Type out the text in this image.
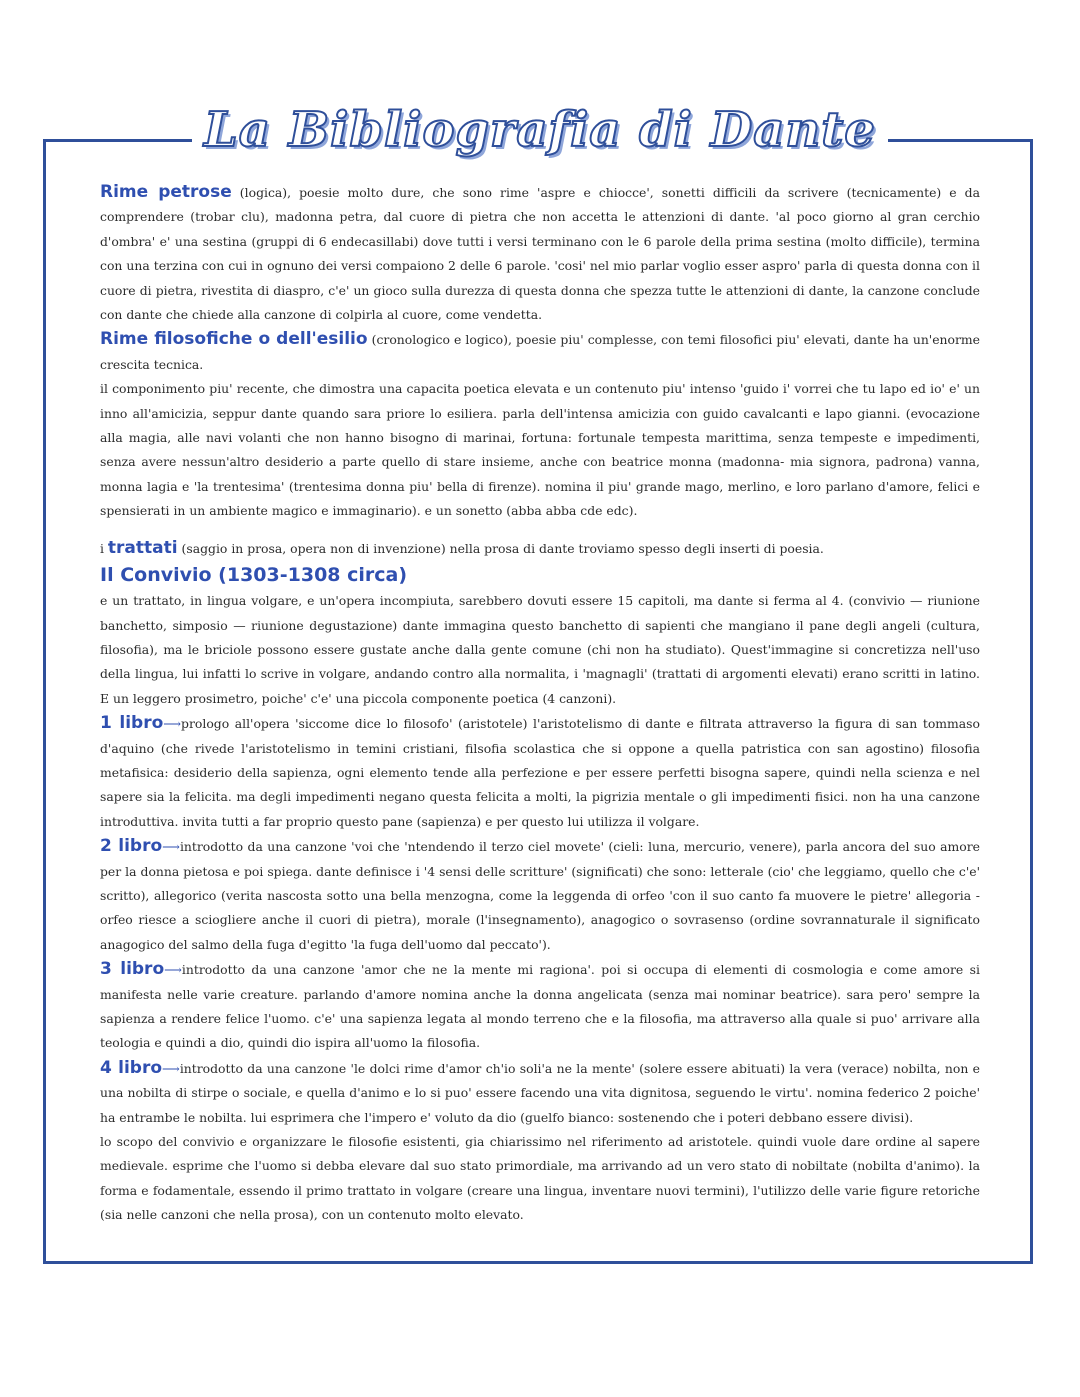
La Bibliografia di Dante

Rime petrose (logica), poesie molto dure, che sono rime 'aspre e chiocce', sonetti difficili da scrivere (tecnicamente) e da comprendere (trobar clu), madonna petra, dal cuore di pietra che non accetta le attenzioni di dante. 'al poco giorno al gran cerchio d'ombra' e' una sestina (gruppi di 6 endecasillabi) dove tutti i versi terminano con le 6 parole della prima sestina (molto difficile), termina con una terzina con cui in ognuno dei versi compaiono 2 delle 6 parole. 'cosi' nel mio parlar voglio esser aspro' parla di questa donna con il cuore di pietra, rivestita di diaspro, c'e' un gioco sulla durezza di questa donna che spezza tutte le attenzioni di dante, la canzone conclude con dante che chiede alla canzone di colpirla al cuore, come vendetta.

Rime filosofiche o dell'esilio (cronologico e logico), poesie piu' complesse, con temi filosofici piu' elevati, dante ha un'enorme crescita tecnica.

il componimento piu' recente, che dimostra una capacita poetica elevata e un contenuto piu' intenso 'guido i' vorrei che tu lapo ed io' e' un inno all'amicizia, seppur dante quando sara priore lo esiliera. parla dell'intensa amicizia con guido cavalcanti e lapo gianni. (evocazione alla magia, alle navi volanti che non hanno bisogno di marinai, fortuna: fortunale tempesta marittima, senza tempeste e impedimenti, senza avere nessun'altro desiderio a parte quello di stare insieme, anche con beatrice monna (madonna- mia signora, padrona) vanna, monna lagia e 'la trentesima' (trentesima donna piu' bella di firenze). nomina il piu' grande mago, merlino, e loro parlano d'amore, felici e spensierati in un ambiente magico e immaginario). e un sonetto (abba abba cde edc).

i trattati (saggio in prosa, opera non di invenzione) nella prosa di dante troviamo spesso degli inserti di poesia.

Il Convivio (1303-1308 circa)

e un trattato, in lingua volgare, e un'opera incompiuta, sarebbero dovuti essere 15 capitoli, ma dante si ferma al 4. (convivio — riunione banchetto, simposio — riunione degustazione) dante immagina questo banchetto di sapienti che mangiano il pane degli angeli (cultura, filosofia), ma le briciole possono essere gustate anche dalla gente comune (chi non ha studiato). Quest'immagine si concretizza nell'uso della lingua, lui infatti lo scrive in volgare, andando contro alla normalita, i 'magnagli' (trattati di argomenti elevati) erano scritti in latino. E un leggero prosimetro, poiche' c'e' una piccola componente poetica (4 canzoni).

1 libro⟶prologo all'opera 'siccome dice lo filosofo' (aristotele) l'aristotelismo di dante e filtrata attraverso la figura di san tommaso d'aquino (che rivede l'aristotelismo in temini cristiani, filsofia scolastica che si oppone a quella patristica con san agostino) filosofia metafisica: desiderio della sapienza, ogni elemento tende alla perfezione e per essere perfetti bisogna sapere, quindi nella scienza e nel sapere sia la felicita. ma degli impedimenti negano questa felicita a molti, la pigrizia mentale o gli impedimenti fisici. non ha una canzone introduttiva. invita tutti a far proprio questo pane (sapienza) e per questo lui utilizza il volgare.

2 libro⟶introdotto da una canzone 'voi che 'ntendendo il terzo ciel movete' (cieli: luna, mercurio, venere), parla ancora del suo amore per la donna pietosa e poi spiega. dante definisce i '4 sensi delle scritture' (significati) che sono: letterale (cio' che leggiamo, quello che c'e' scritto), allegorico (verita nascosta sotto una bella menzogna, come la leggenda di orfeo 'con il suo canto fa muovere le pietre' allegoria - orfeo riesce a sciogliere anche il cuori di pietra), morale (l'insegnamento), anagogico o sovrasenso (ordine sovrannaturale il significato anagogico del salmo della fuga d'egitto 'la fuga dell'uomo dal peccato').

3 libro⟶introdotto da una canzone 'amor che ne la mente mi ragiona'. poi si occupa di elementi di cosmologia e come amore si manifesta nelle varie creature. parlando d'amore nomina anche la donna angelicata (senza mai nominar beatrice). sara pero' sempre la sapienza a rendere felice l'uomo. c'e' una sapienza legata al mondo terreno che e la filosofia, ma attraverso alla quale si puo' arrivare alla teologia e quindi a dio, quindi dio ispira all'uomo la filosofia.

4 libro⟶introdotto da una canzone 'le dolci rime d'amor ch'io soli'a ne la mente' (solere essere abituati) la vera (verace) nobilta, non e una nobilta di stirpe o sociale, e quella d'animo e lo si puo' essere facendo una vita dignitosa, seguendo le virtu'. nomina federico 2 poiche' ha entrambe le nobilta. lui esprimera che l'impero e' voluto da dio (guelfo bianco: sostenendo che i poteri debbano essere divisi).

lo scopo del convivio e organizzare le filosofie esistenti, gia chiarissimo nel riferimento ad aristotele. quindi vuole dare ordine al sapere medievale. esprime che l'uomo si debba elevare dal suo stato primordiale, ma arrivando ad un vero stato di nobiltate (nobilta d'animo). la forma e fodamentale, essendo il primo trattato in volgare (creare una lingua, inventare nuovi termini), l'utilizzo delle varie figure retoriche (sia nelle canzoni che nella prosa), con un contenuto molto elevato.
